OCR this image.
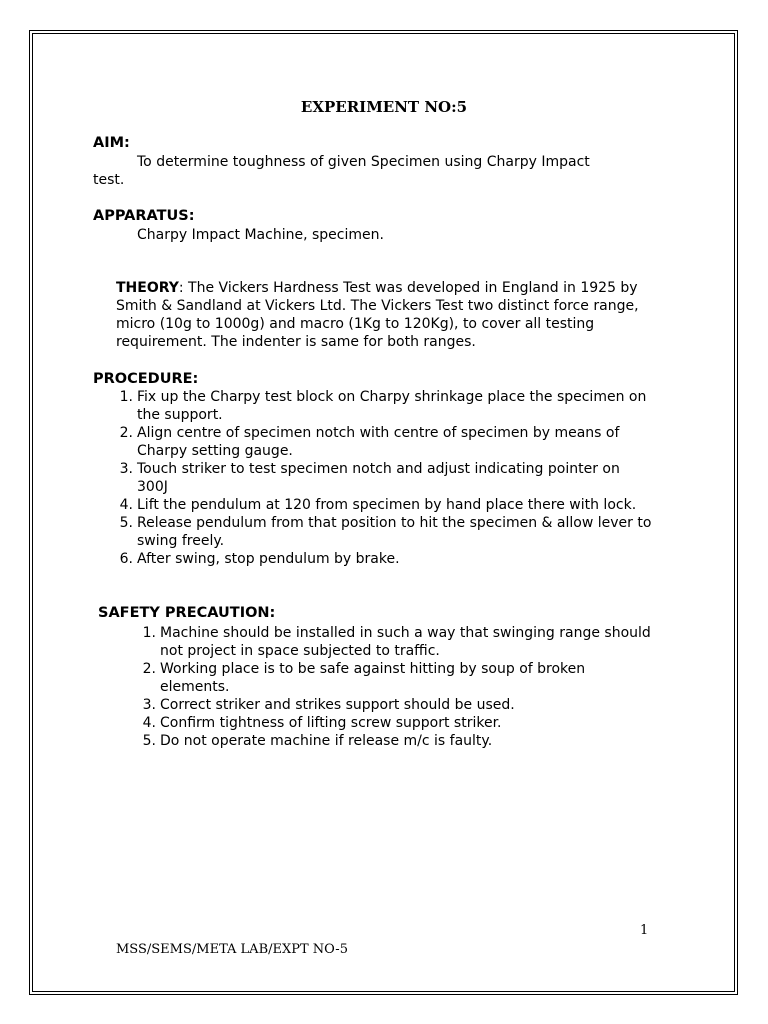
EXPERIMENT NO:5
AIM:
To determine toughness of given Specimen using Charpy Impact
test.
APPARATUS:
Charpy Impact Machine, specimen.
THEORY: The Vickers Hardness Test was developed in England in 1925 by Smith & Sandland at Vickers Ltd. The Vickers Test two distinct force range, micro (10g to 1000g) and macro (1Kg to 120Kg), to cover all testing requirement. The indenter is same for both ranges.
PROCEDURE:
1. Fix up the Charpy test block on Charpy shrinkage place the specimen on the support.
2. Align centre of specimen notch with centre of specimen by means of Charpy setting gauge.
3. Touch striker to test specimen notch and adjust indicating pointer on 300J
4. Lift the pendulum at 120 from specimen by hand place there with lock.
5. Release pendulum from that position to hit the specimen & allow lever to swing freely.
6. After swing, stop pendulum by brake.
SAFETY PRECAUTION:
1. Machine should be installed in such a way that swinging range should not project in space subjected to traffic.
2. Working place is to be safe against hitting by soup of broken elements.
3. Correct striker and strikes support should be used.
4. Confirm tightness of lifting screw support striker.
5. Do not operate machine if release m/c is faulty.
1
MSS/SEMS/META LAB/EXPT NO-5
